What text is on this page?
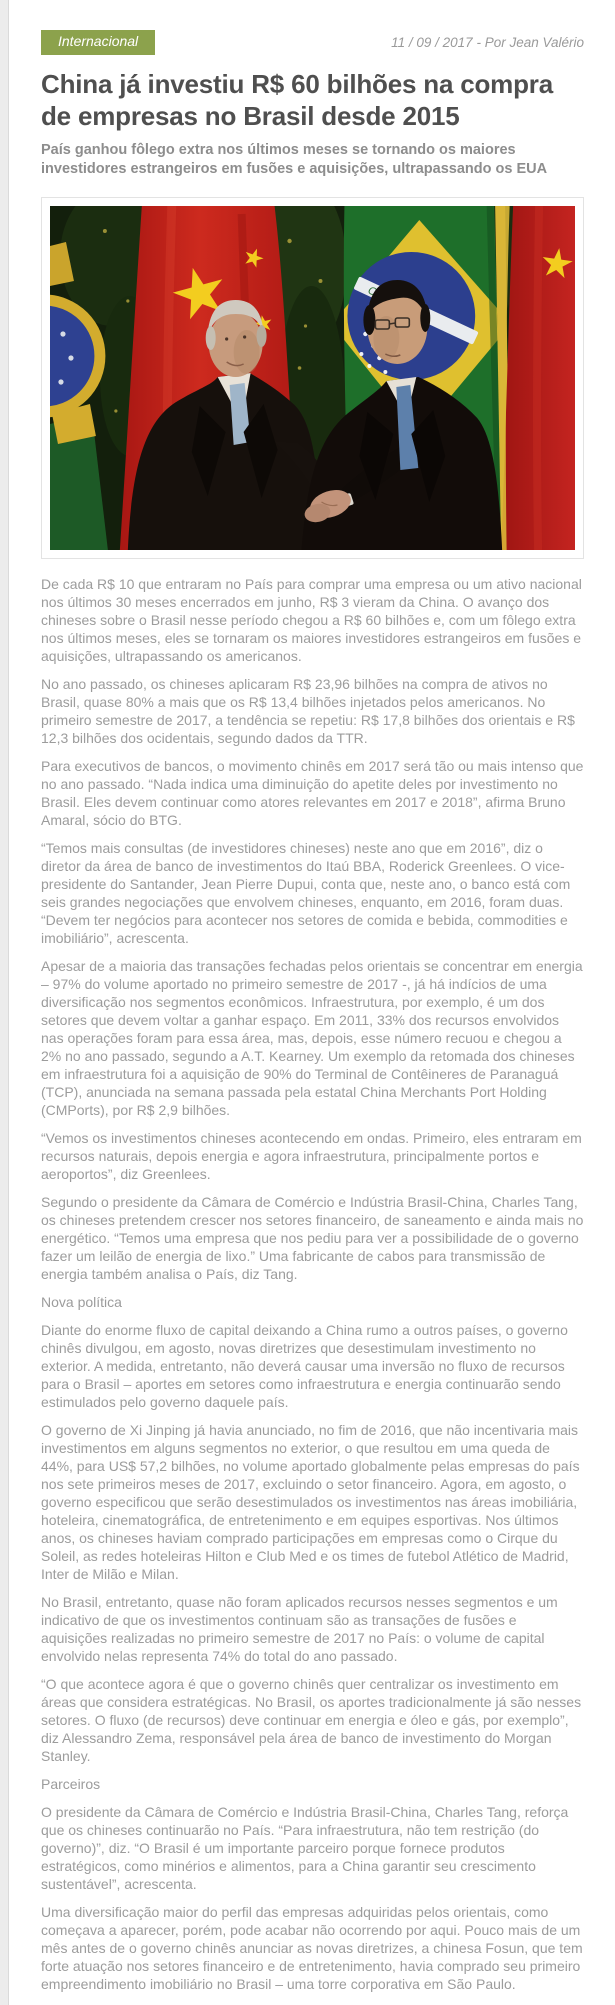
Internacional	11 / 09 / 2017 - Por Jean Valério
China já investiu R$ 60 bilhões na compra de empresas no Brasil desde 2015

País ganhou fôlego extra nos últimos meses se tornando os maiores investidores estrangeiros em fusões e aquisições, ultrapassando os EUA

De cada R$ 10 que entraram no País para comprar uma empresa ou um ativo nacional nos últimos 30 meses encerrados em junho, R$ 3 vieram da China. O avanço dos chineses sobre o Brasil nesse período chegou a R$ 60 bilhões e, com um fôlego extra nos últimos meses, eles se tornaram os maiores investidores estrangeiros em fusões e aquisições, ultrapassando os americanos.

No ano passado, os chineses aplicaram R$ 23,96 bilhões na compra de ativos no Brasil, quase 80% a mais que os R$ 13,4 bilhões injetados pelos americanos. No primeiro semestre de 2017, a tendência se repetiu: R$ 17,8 bilhões dos orientais e R$ 12,3 bilhões dos ocidentais, segundo dados da TTR.

Para executivos de bancos, o movimento chinês em 2017 será tão ou mais intenso que no ano passado. “Nada indica uma diminuição do apetite deles por investimento no Brasil. Eles devem continuar como atores relevantes em 2017 e 2018”, afirma Bruno Amaral, sócio do BTG.

“Temos mais consultas (de investidores chineses) neste ano que em 2016”, diz o diretor da área de banco de investimentos do Itaú BBA, Roderick Greenlees. O vice-presidente do Santander, Jean Pierre Dupui, conta que, neste ano, o banco está com seis grandes negociações que envolvem chineses, enquanto, em 2016, foram duas. “Devem ter negócios para acontecer nos setores de comida e bebida, commodities e imobiliário”, acrescenta.

Apesar de a maioria das transações fechadas pelos orientais se concentrar em energia – 97% do volume aportado no primeiro semestre de 2017 -, já há indícios de uma diversificação nos segmentos econômicos. Infraestrutura, por exemplo, é um dos setores que devem voltar a ganhar espaço. Em 2011, 33% dos recursos envolvidos nas operações foram para essa área, mas, depois, esse número recuou e chegou a 2% no ano passado, segundo a A.T. Kearney. Um exemplo da retomada dos chineses em infraestrutura foi a aquisição de 90% do Terminal de Contêineres de Paranaguá (TCP), anunciada na semana passada pela estatal China Merchants Port Holding (CMPorts), por R$ 2,9 bilhões.

“Vemos os investimentos chineses acontecendo em ondas. Primeiro, eles entraram em recursos naturais, depois energia e agora infraestrutura, principalmente portos e aeroportos”, diz Greenlees.

Segundo o presidente da Câmara de Comércio e Indústria Brasil-China, Charles Tang, os chineses pretendem crescer nos setores financeiro, de saneamento e ainda mais no energético. “Temos uma empresa que nos pediu para ver a possibilidade de o governo fazer um leilão de energia de lixo.” Uma fabricante de cabos para transmissão de energia também analisa o País, diz Tang.

Nova política

Diante do enorme fluxo de capital deixando a China rumo a outros países, o governo chinês divulgou, em agosto, novas diretrizes que desestimulam investimento no exterior. A medida, entretanto, não deverá causar uma inversão no fluxo de recursos para o Brasil – aportes em setores como infraestrutura e energia continuarão sendo estimulados pelo governo daquele país.

O governo de Xi Jinping já havia anunciado, no fim de 2016, que não incentivaria mais investimentos em alguns segmentos no exterior, o que resultou em uma queda de 44%, para US$ 57,2 bilhões, no volume aportado globalmente pelas empresas do país nos sete primeiros meses de 2017, excluindo o setor financeiro. Agora, em agosto, o governo especificou que serão desestimulados os investimentos nas áreas imobiliária, hoteleira, cinematográfica, de entretenimento e em equipes esportivas. Nos últimos anos, os chineses haviam comprado participações em empresas como o Cirque du Soleil, as redes hoteleiras Hilton e Club Med e os times de futebol Atlético de Madrid, Inter de Milão e Milan.

No Brasil, entretanto, quase não foram aplicados recursos nesses segmentos e um indicativo de que os investimentos continuam são as transações de fusões e aquisições realizadas no primeiro semestre de 2017 no País: o volume de capital envolvido nelas representa 74% do total do ano passado.

“O que acontece agora é que o governo chinês quer centralizar os investimento em áreas que considera estratégicas. No Brasil, os aportes tradicionalmente já são nesses setores. O fluxo (de recursos) deve continuar em energia e óleo e gás, por exemplo”, diz Alessandro Zema, responsável pela área de banco de investimento do Morgan Stanley.

Parceiros

O presidente da Câmara de Comércio e Indústria Brasil-China, Charles Tang, reforça que os chineses continuarão no País. “Para infraestrutura, não tem restrição (do governo)”, diz. “O Brasil é um importante parceiro porque fornece produtos estratégicos, como minérios e alimentos, para a China garantir seu crescimento sustentável”, acrescenta.

Uma diversificação maior do perfil das empresas adquiridas pelos orientais, como começava a aparecer, porém, pode acabar não ocorrendo por aqui. Pouco mais de um mês antes de o governo chinês anunciar as novas diretrizes, a chinesa Fosun, que tem forte atuação nos setores financeiro e de entretenimento, havia comprado seu primeiro empreendimento imobiliário no Brasil – uma torre corporativa em São Paulo.
